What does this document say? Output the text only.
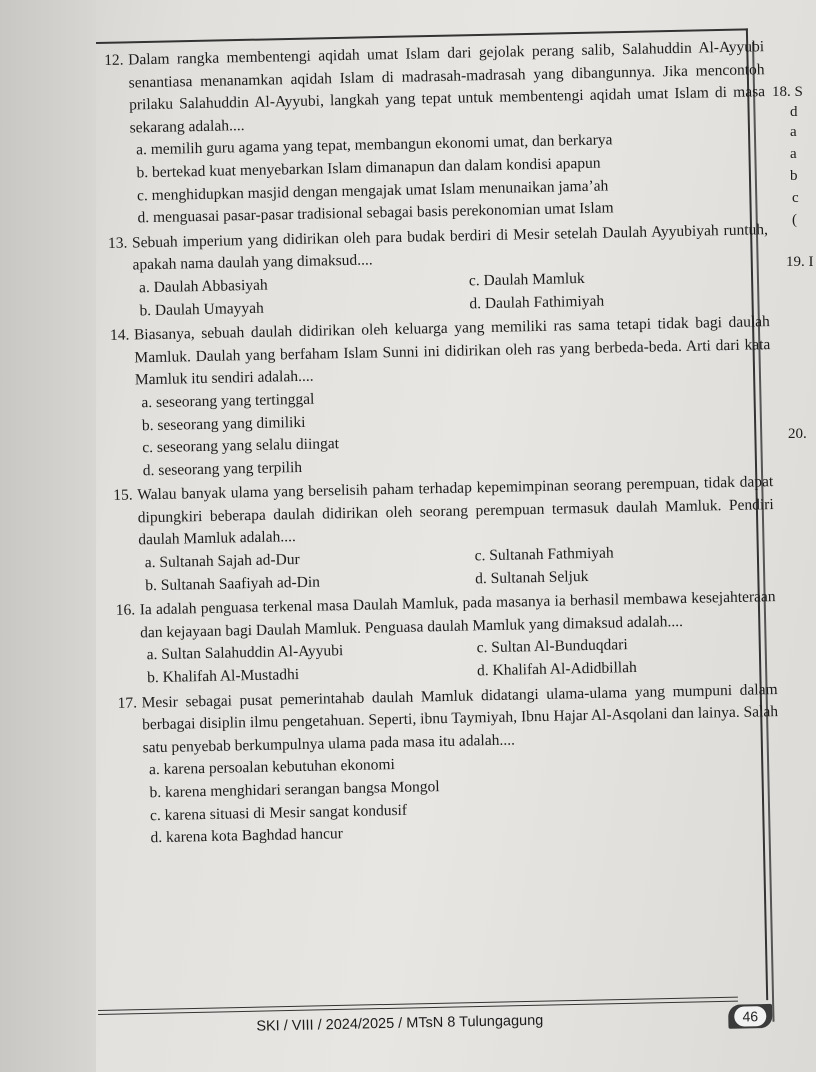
12. Dalam rangka membentengi aqidah umat Islam dari gejolak perang salib, Salahuddin Al-Ayyubi senantiasa menanamkan aqidah Islam di madrasah-madrasah yang dibangunnya. Jika mencontoh prilaku Salahuddin Al-Ayyubi, langkah yang tepat untuk membentengi aqidah umat Islam di masa sekarang adalah....
a. memilih guru agama yang tepat, membangun ekonomi umat, dan berkarya
b. bertekad kuat menyebarkan Islam dimanapun dan dalam kondisi apapun
c. menghidupkan masjid dengan mengajak umat Islam menunaikan jama’ah
d. menguasai pasar-pasar tradisional sebagai basis perekonomian umat Islam
13. Sebuah imperium yang didirikan oleh para budak berdiri di Mesir setelah Daulah Ayyubiyah runtuh, apakah nama daulah yang dimaksud....
a. Daulah Abbasiyah	c. Daulah Mamluk
b. Daulah Umayyah	d. Daulah Fathimiyah
14. Biasanya, sebuah daulah didirikan oleh keluarga yang memiliki ras sama tetapi tidak bagi daulah Mamluk. Daulah yang berfaham Islam Sunni ini didirikan oleh ras yang berbeda-beda. Arti dari kata Mamluk itu sendiri adalah....
a. seseorang yang tertinggal
b. seseorang yang dimiliki
c. seseorang yang selalu diingat
d. seseorang yang terpilih
15. Walau banyak ulama yang berselisih paham terhadap kepemimpinan seorang perempuan, tidak dapat dipungkiri beberapa daulah didirikan oleh seorang perempuan termasuk daulah Mamluk. Pendiri daulah Mamluk adalah....
a. Sultanah Sajah ad-Dur	c. Sultanah Fathmiyah
b. Sultanah Saafiyah ad-Din	d. Sultanah Seljuk
16. Ia adalah penguasa terkenal masa Daulah Mamluk, pada masanya ia berhasil membawa kesejahteraan dan kejayaan bagi Daulah Mamluk. Penguasa daulah Mamluk yang dimaksud adalah....
a. Sultan Salahuddin Al-Ayyubi	c. Sultan Al-Bunduqdari
b. Khalifah Al-Mustadhi	d. Khalifah Al-Adidbillah
17. Mesir sebagai pusat pemerintahab daulah Mamluk didatangi ulama-ulama yang mumpuni dalam berbagai disiplin ilmu pengetahuan. Seperti, ibnu Taymiyah, Ibnu Hajar Al-Asqolani dan lainya. Salah satu penyebab berkumpulnya ulama pada masa itu adalah....
a. karena persoalan kebutuhan ekonomi
b. karena menghidari serangan bangsa Mongol
c. karena situasi di Mesir sangat kondusif
d. karena kota Baghdad hancur
18. S
d
a
a
b
c
(
19. I
20.
SKI / VIII / 2024/2025 / MTsN 8 Tulungagung	46
